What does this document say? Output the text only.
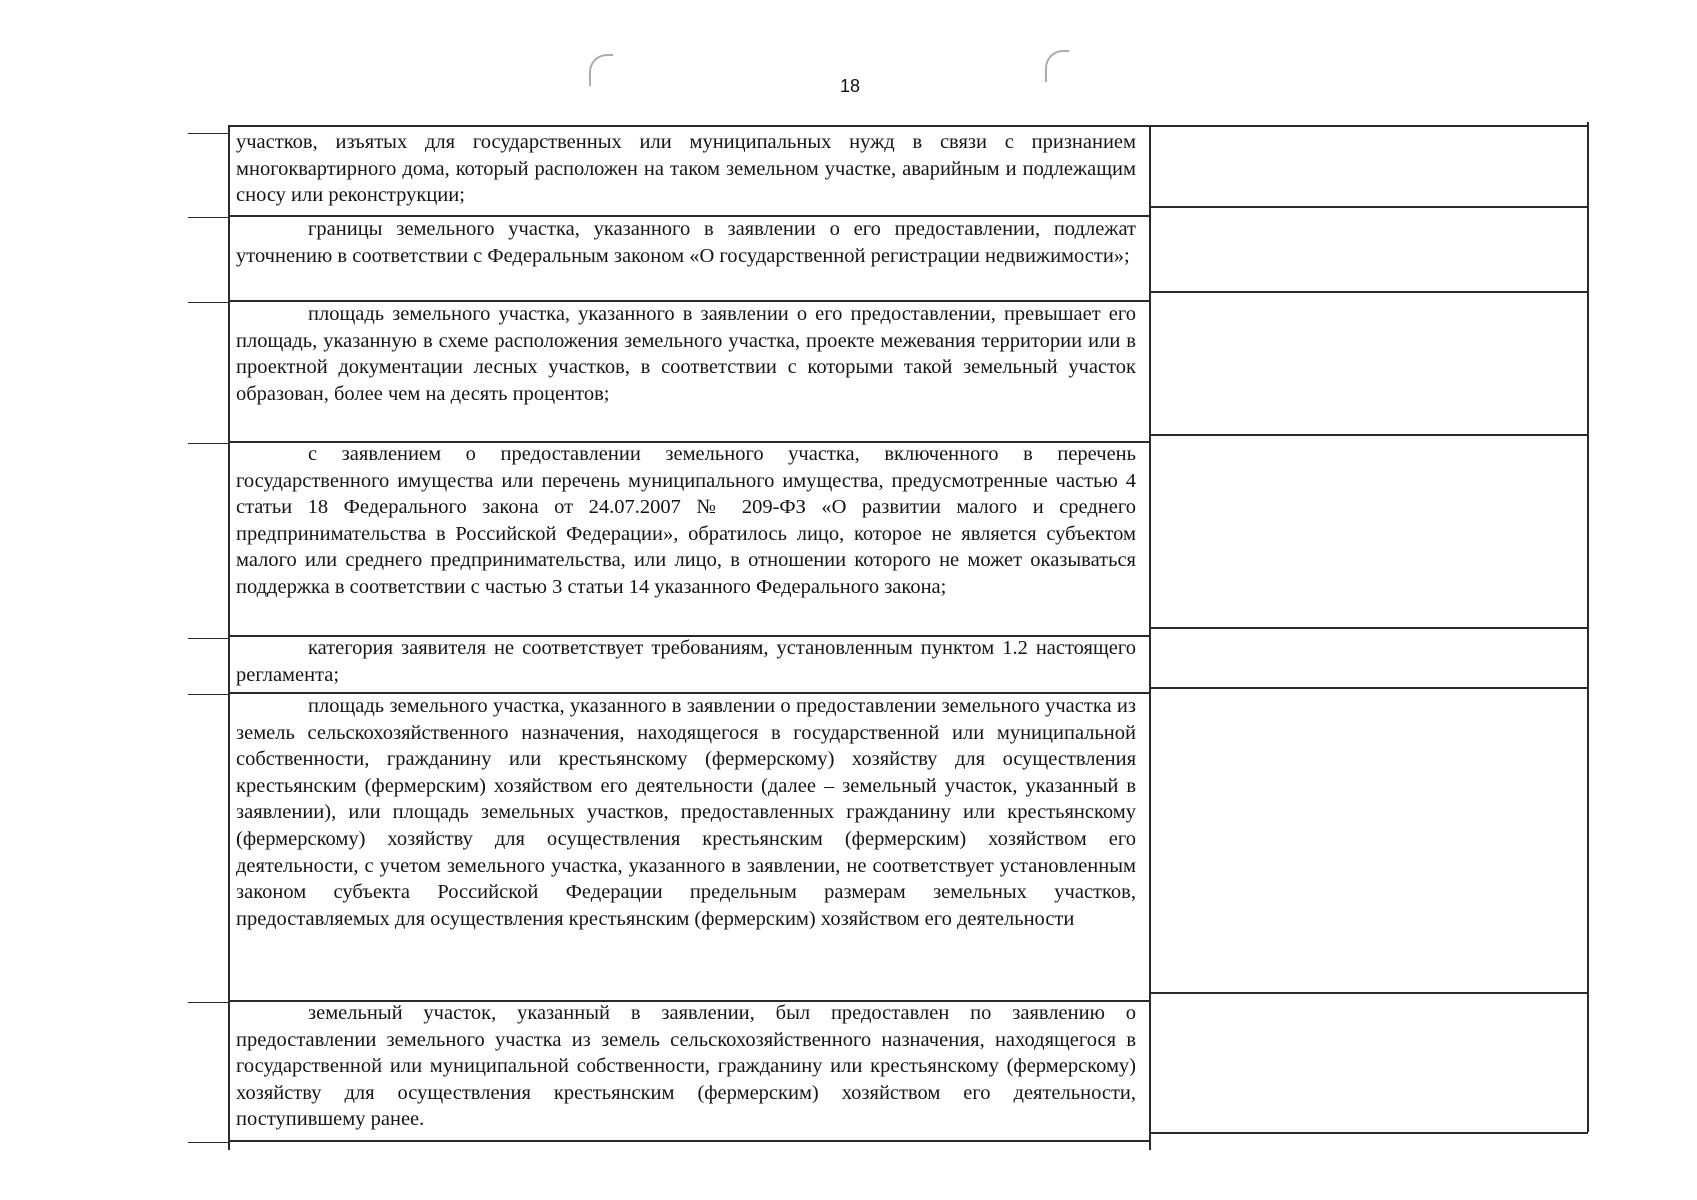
18

участков, изъятых для государственных или муниципальных нужд в связи с признанием многоквартирного дома, который расположен на таком земельном участке, аварийным и подлежащим сносу или реконструкции;

границы земельного участка, указанного в заявлении о его предоставлении, подлежат уточнению в соответствии с Федеральным законом «О государственной регистрации недвижимости»;

площадь земельного участка, указанного в заявлении о его предоставлении, превышает его площадь, указанную в схеме расположения земельного участка, проекте межевания территории или в проектной документации лесных участков, в соответствии с которыми такой земельный участок образован, более чем на десять процентов;

с заявлением о предоставлении земельного участка, включенного в перечень государственного имущества или перечень муниципального имущества, предусмотренные частью 4 статьи 18 Федерального закона от 24.07.2007 № 209-ФЗ «О развитии малого и среднего предпринимательства в Российской Федерации», обратилось лицо, которое не является субъектом малого или среднего предпринимательства, или лицо, в отношении которого не может оказываться поддержка в соответствии с частью 3 статьи 14 указанного Федерального закона;

категория заявителя не соответствует требованиям, установленным пунктом 1.2 настоящего регламента;

площадь земельного участка, указанного в заявлении о предоставлении земельного участка из земель сельскохозяйственного назначения, находящегося в государственной или муниципальной собственности, гражданину или крестьянскому (фермерскому) хозяйству для осуществления крестьянским (фермерским) хозяйством его деятельности (далее – земельный участок, указанный в заявлении), или площадь земельных участков, предоставленных гражданину или крестьянскому (фермерскому) хозяйству для осуществления крестьянским (фермерским) хозяйством его деятельности, с учетом земельного участка, указанного в заявлении, не соответствует установленным законом субъекта Российской Федерации предельным размерам земельных участков, предоставляемых для осуществления крестьянским (фермерским) хозяйством его деятельности

земельный участок, указанный в заявлении, был предоставлен по заявлению о предоставлении земельного участка из земель сельскохозяйственного назначения, находящегося в государственной или муниципальной собственности, гражданину или крестьянскому (фермерскому) хозяйству для осуществления крестьянским (фермерским) хозяйством его деятельности, поступившему ранее.
